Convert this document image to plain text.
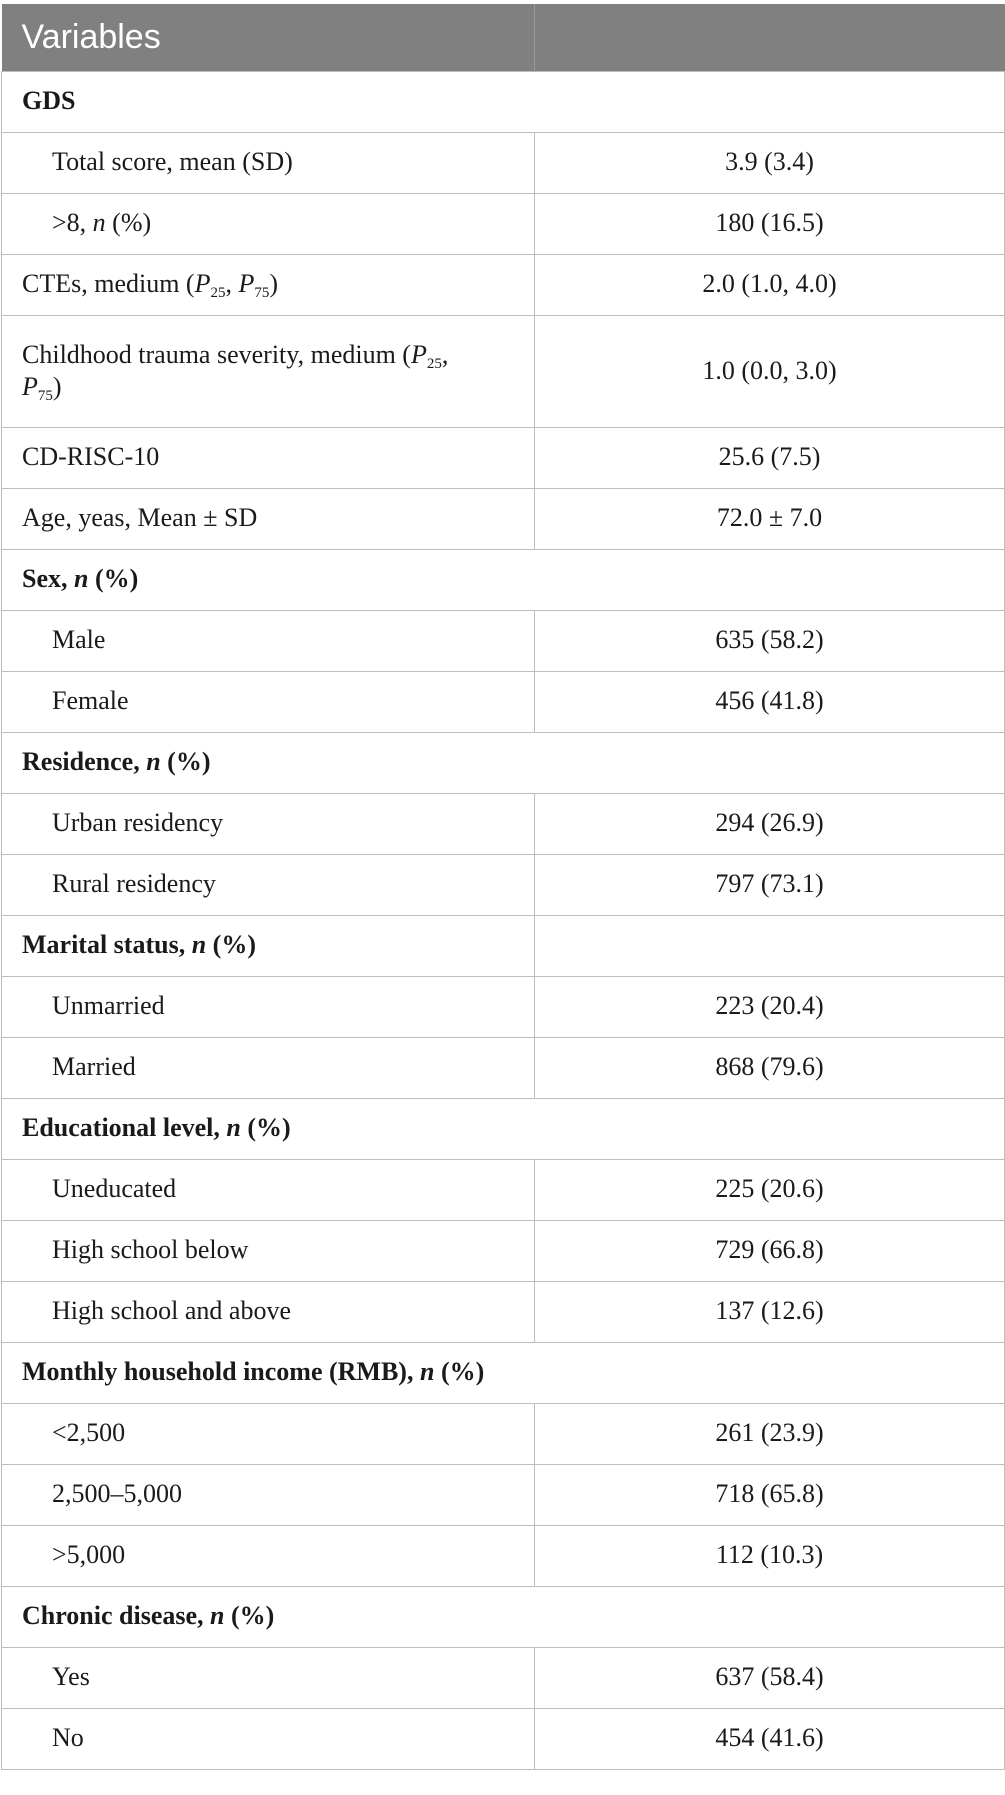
Variables	
GDS	
Total score, mean (SD)	3.9 (3.4)
>8, n (%)	180 (16.5)
CTEs, medium ($P_{25}$, $P_{75}$)	2.0 (1.0, 4.0)
Childhood trauma severity, medium ($P_{25}$,
$P_{75}$)	1.0 (0.0, 3.0)
CD-RISC-10	25.6 (7.5)
Age, yeas, Mean ± SD	72.0 ± 7.0
Sex, n (%)	
Male	635 (58.2)
Female	456 (41.8)
Residence, n (%)	
Urban residency	294 (26.9)
Rural residency	797 (73.1)
Marital status, n (%)	
Unmarried	223 (20.4)
Married	868 (79.6)
Educational level, n (%)	
Uneducated	225 (20.6)
High school below	729 (66.8)
High school and above	137 (12.6)
Monthly household income (RMB), n (%)	
<2,500	261 (23.9)
2,500–5,000	718 (65.8)
>5,000	112 (10.3)
Chronic disease, n (%)	
Yes	637 (58.4)
No	454 (41.6)
